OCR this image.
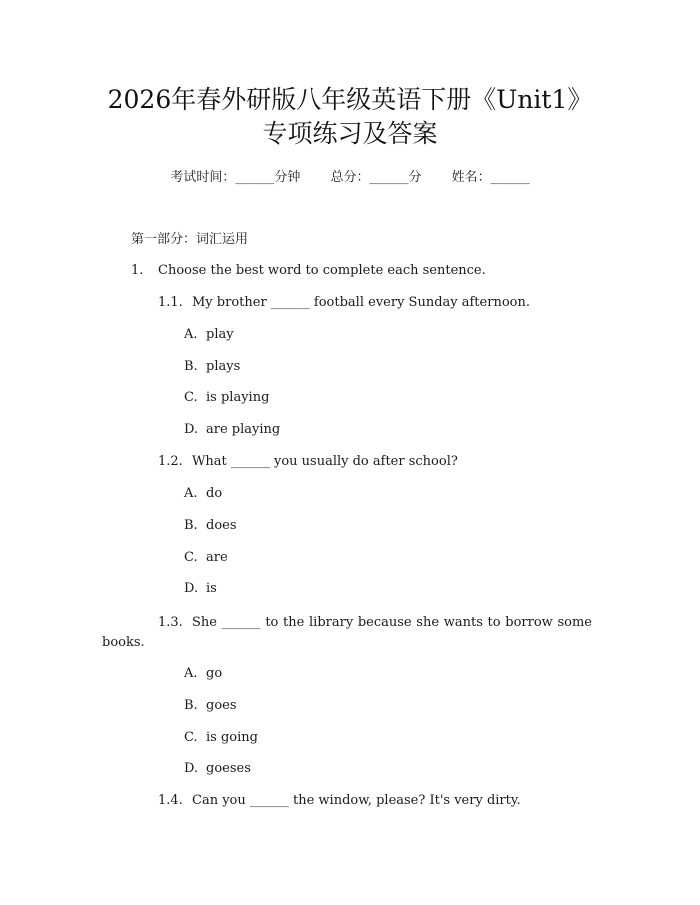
2026年春外研版八年级英语下册《Unit1》
专项练习及答案
考试时间：______分钟 总分：______分 姓名：______
第一部分：词汇运用
1. Choose the best word to complete each sentence.
1.1. My brother ______ football every Sunday afternoon.
A. play
B. plays
C. is playing
D. are playing
1.2. What ______ you usually do after school?
A. do
B. does
C. are
D. is
1.3. She ______ to the library because she wants to borrow some books.
A. go
B. goes
C. is going
D. goeses
1.4. Can you ______ the window, please? It's very dirty.
